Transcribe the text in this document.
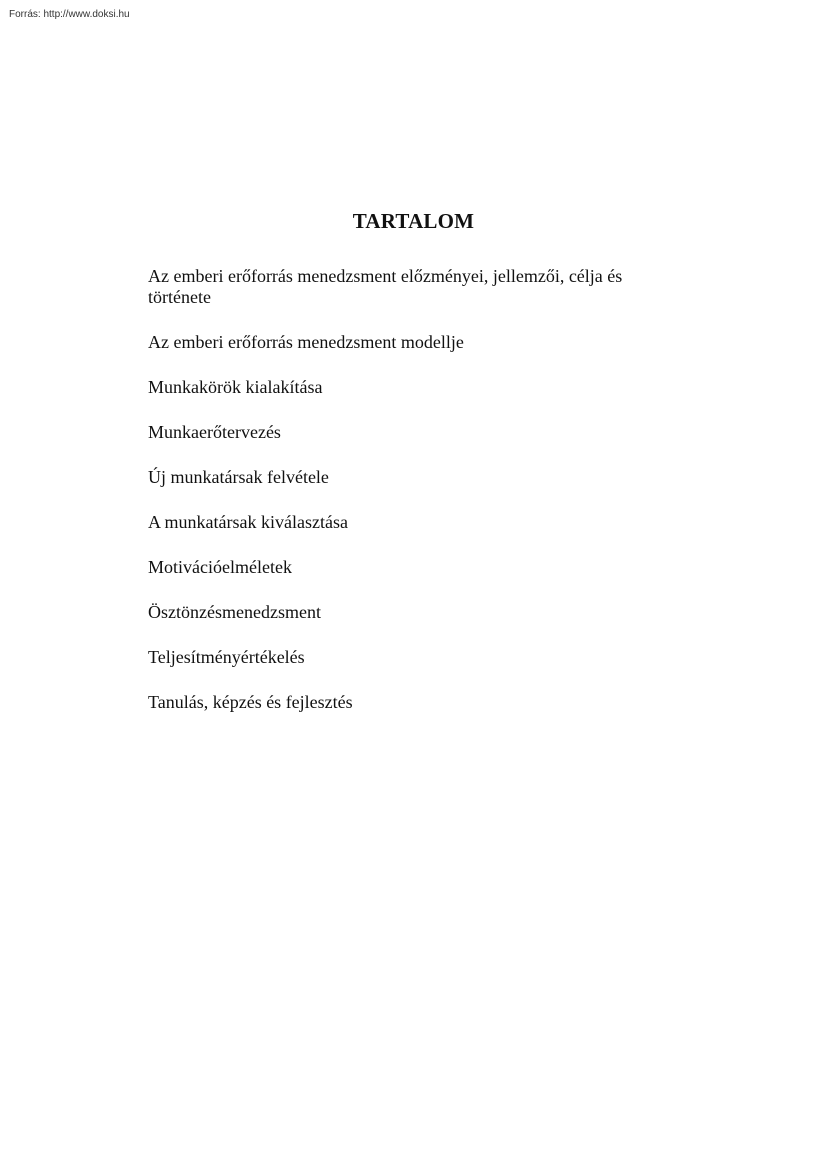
Forrás: http://www.doksi.hu
TARTALOM
Az emberi erőforrás menedzsment előzményei, jellemzői, célja és története
Az emberi erőforrás menedzsment modellje
Munkakörök kialakítása
Munkaerőtervezés
Új munkatársak felvétele
A munkatársak kiválasztása
Motivációelméletek
Ösztönzésmenedzsment
Teljesítményértékelés
Tanulás, képzés és fejlesztés
